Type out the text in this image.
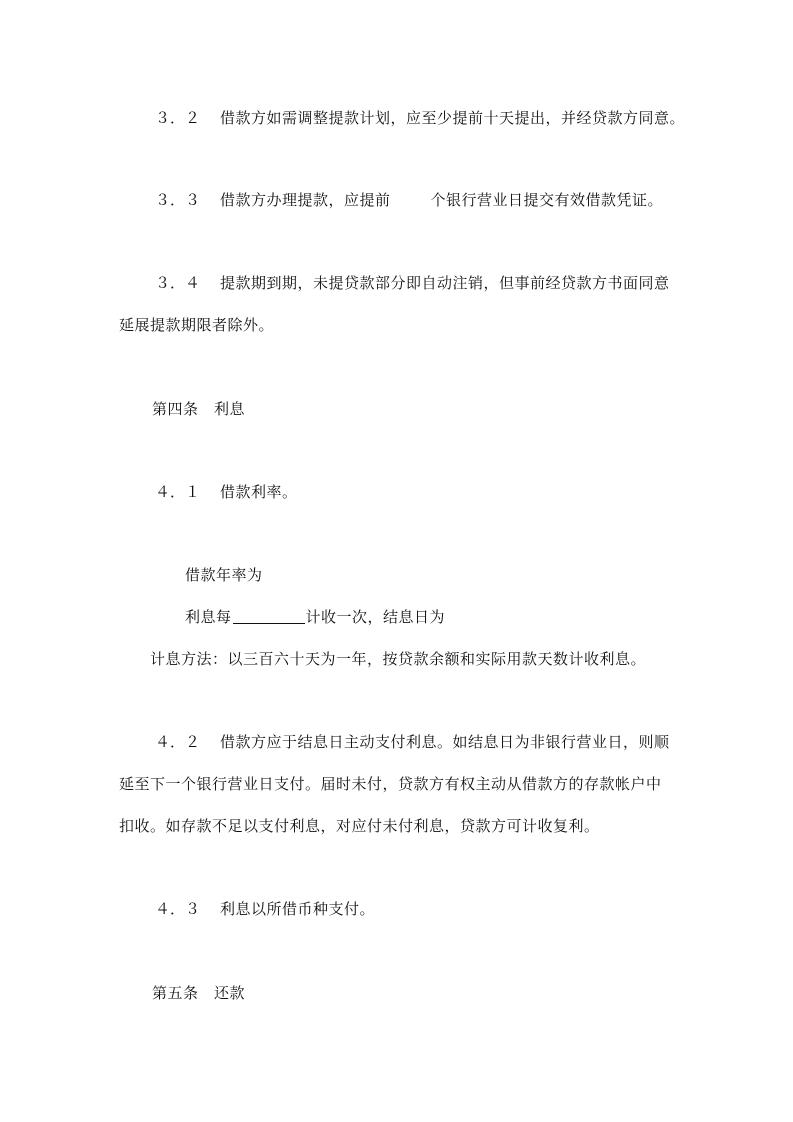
３．２ 借款方如需调整提款计划，应至少提前十天提出，并经贷款方同意。
３．３ 借款方办理提款，应提前	个银行营业日提交有效借款凭证。
３．４ 提款期到期，未提贷款部分即自动注销，但事前经贷款方书面同意
延展提款期限者除外。
第四条　利息
４．１ 借款利率。
借款年率为
利息每	计收一次，结息日为
计息方法：以三百六十天为一年，按贷款余额和实际用款天数计收利息。
４．２ 借款方应于结息日主动支付利息。如结息日为非银行营业日，则顺
延至下一个银行营业日支付。届时未付，贷款方有权主动从借款方的存款帐户中
扣收。如存款不足以支付利息，对应付未付利息，贷款方可计收复利。
４．３ 利息以所借币种支付。
第五条　还款
